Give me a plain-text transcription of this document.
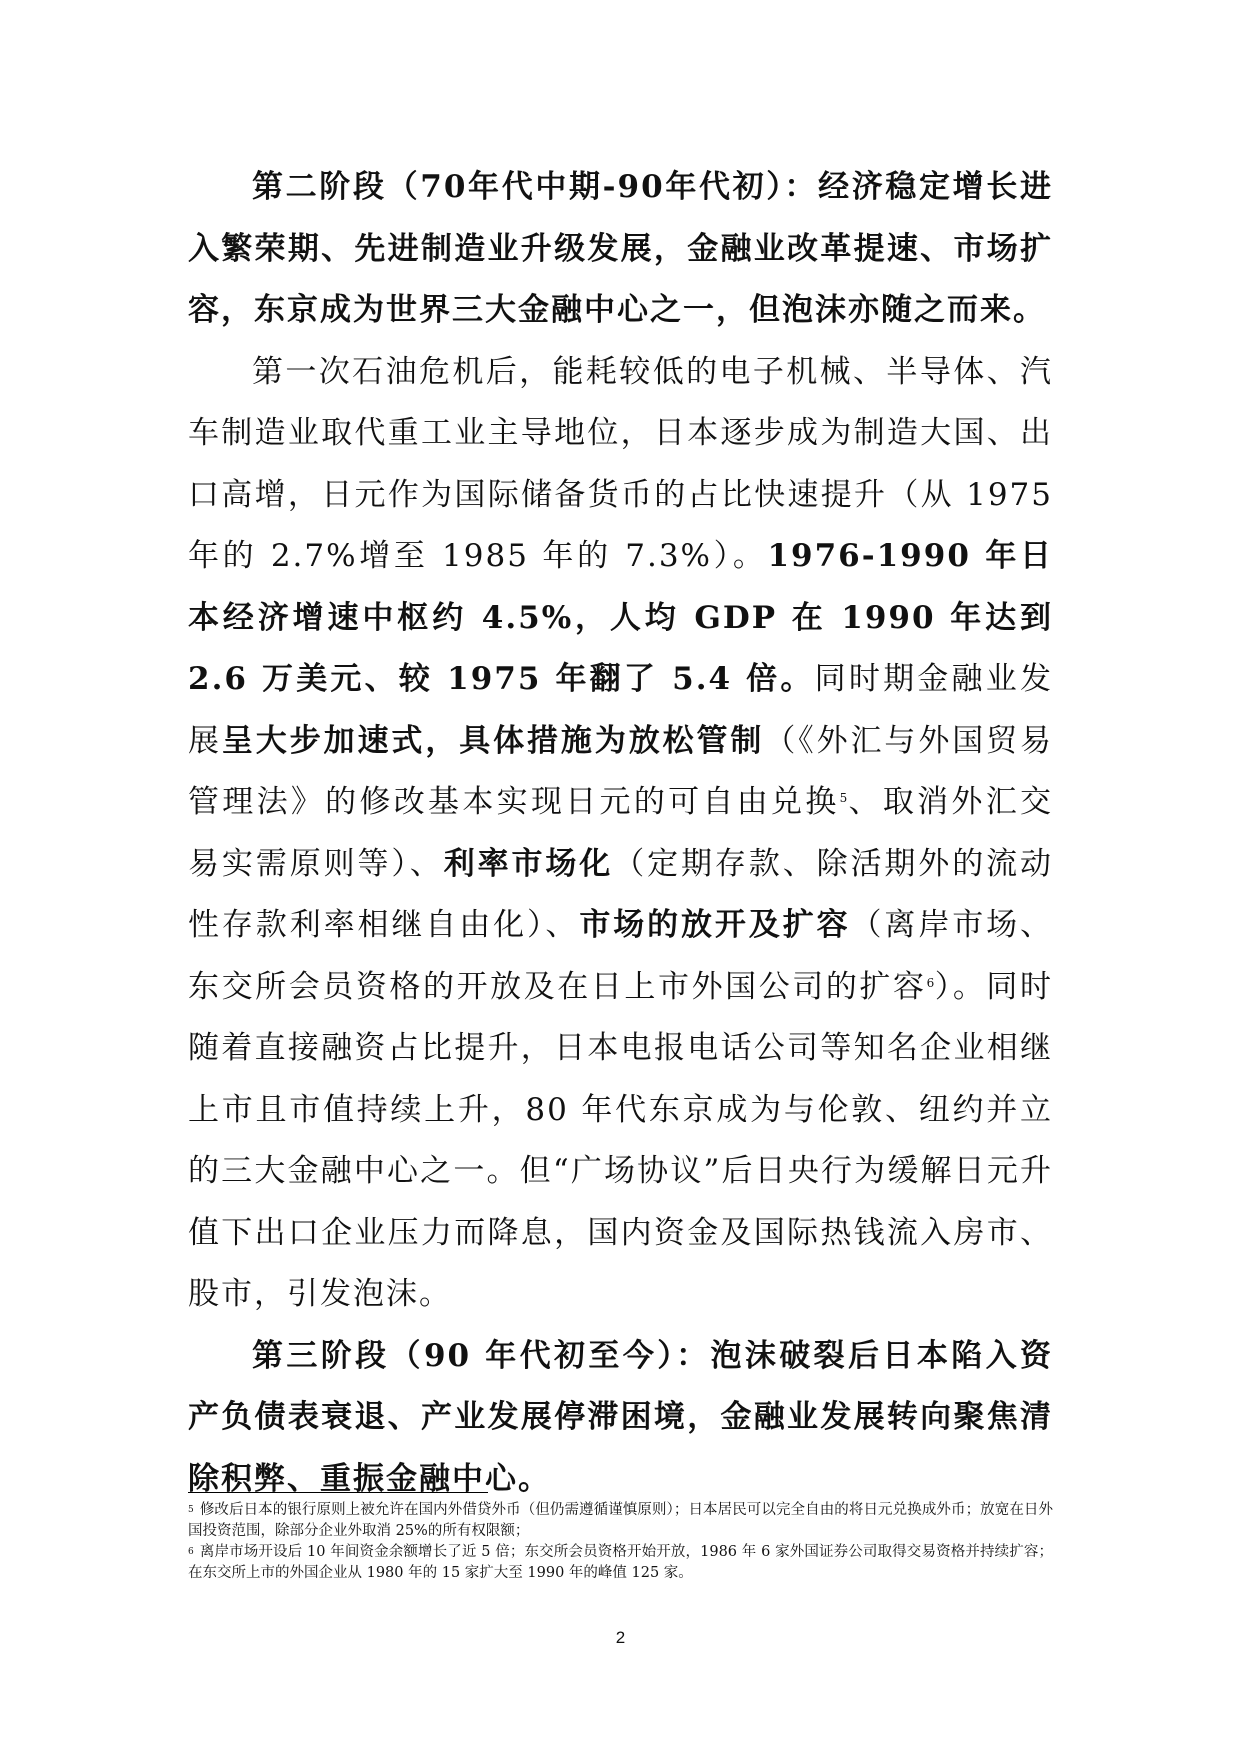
第二阶段（70年代中期-90年代初）：经济稳定增长进入繁荣期、先进制造业升级发展，金融业改革提速、市场扩容，东京成为世界三大金融中心之一，但泡沫亦随之而来。

第一次石油危机后，能耗较低的电子机械、半导体、汽车制造业取代重工业主导地位，日本逐步成为制造大国、出口高增，日元作为国际储备货币的占比快速提升（从 1975 年的 2.7%增至 1985 年的 7.3%）。1976-1990 年日本经济增速中枢约 4.5%，人均 GDP 在 1990 年达到 2.6 万美元、较 1975 年翻了 5.4 倍。同时期金融业发展呈大步加速式，具体措施为放松管制（《外汇与外国贸易管理法》的修改基本实现日元的可自由兑换$^5$、取消外汇交易实需原则等）、利率市场化（定期存款、除活期外的流动性存款利率相继自由化）、市场的放开及扩容（离岸市场、东交所会员资格的开放及在日上市外国公司的扩容$^6$）。同时随着直接融资占比提升，日本电报电话公司等知名企业相继上市且市值持续上升，80 年代东京成为与伦敦、纽约并立的三大金融中心之一。但“广场协议”后日央行为缓解日元升值下出口企业压力而降息，国内资金及国际热钱流入房市、股市，引发泡沫。

第三阶段（90 年代初至今）：泡沫破裂后日本陷入资产负债表衰退、产业发展停滞困境，金融业发展转向聚焦清除积弊、重振金融中心。

$^5$ 修改后日本的银行原则上被允许在国内外借贷外币（但仍需遵循谨慎原则）；日本居民可以完全自由的将日元兑换成外币；放宽在日外国投资范围，除部分企业外取消 25%的所有权限额；

$^6$ 离岸市场开设后 10 年间资金余额增长了近 5 倍；东交所会员资格开始开放，1986 年 6 家外国证券公司取得交易资格并持续扩容；在东交所上市的外国企业从 1980 年的 15 家扩大至 1990 年的峰值 125 家。

2
